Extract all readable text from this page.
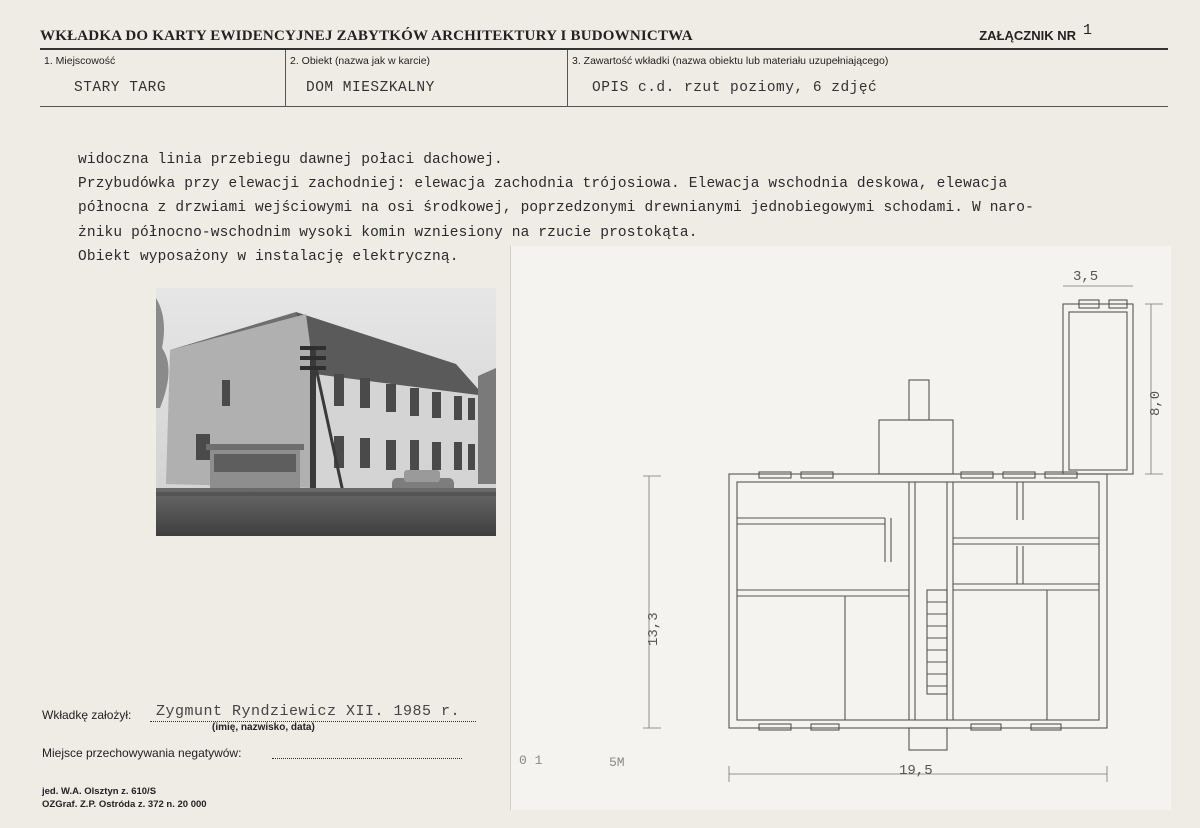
WKŁADKA DO KARTY EWIDENCYJNEJ ZABYTKÓW ARCHITEKTURY I BUDOWNICTWA	ZAŁĄCZNIK NR 1
1. Miejscowość
STARY TARG
2. Obiekt (nazwa jak w karcie)
DOM MIESZKALNY
3. Zawartość wkładki (nazwa obiektu lub materiału uzupełniającego)
OPIS c.d. rzut poziomy, 6 zdjęć
widoczna linia przebiegu dawnej połaci dachowej.
Przybudówka przy elewacji zachodniej: elewacja zachodnia trójosiowa. Elewacja wschodnia deskowa, elewacja
północna z drzwiami wejściowymi na osi środkowej, poprzedzonymi drewnianymi jednobiegowymi schodami. W naro-
żniku północno-wschodnim wysoki komin wzniesiony na rzucie prostokąta.
Obiekt wyposażony w instalację elektryczną.
3,5
8,0
13,3
19,5
0 1	5M
Wkładkę założył: Zygmunt Ryndziewicz XII. 1985 r.
(imię, nazwisko, data)
Miejsce przechowywania negatywów:
jed. W.A. Olsztyn z. 610/S
OZGraf. Z.P. Ostróda z. 372 n. 20 000
